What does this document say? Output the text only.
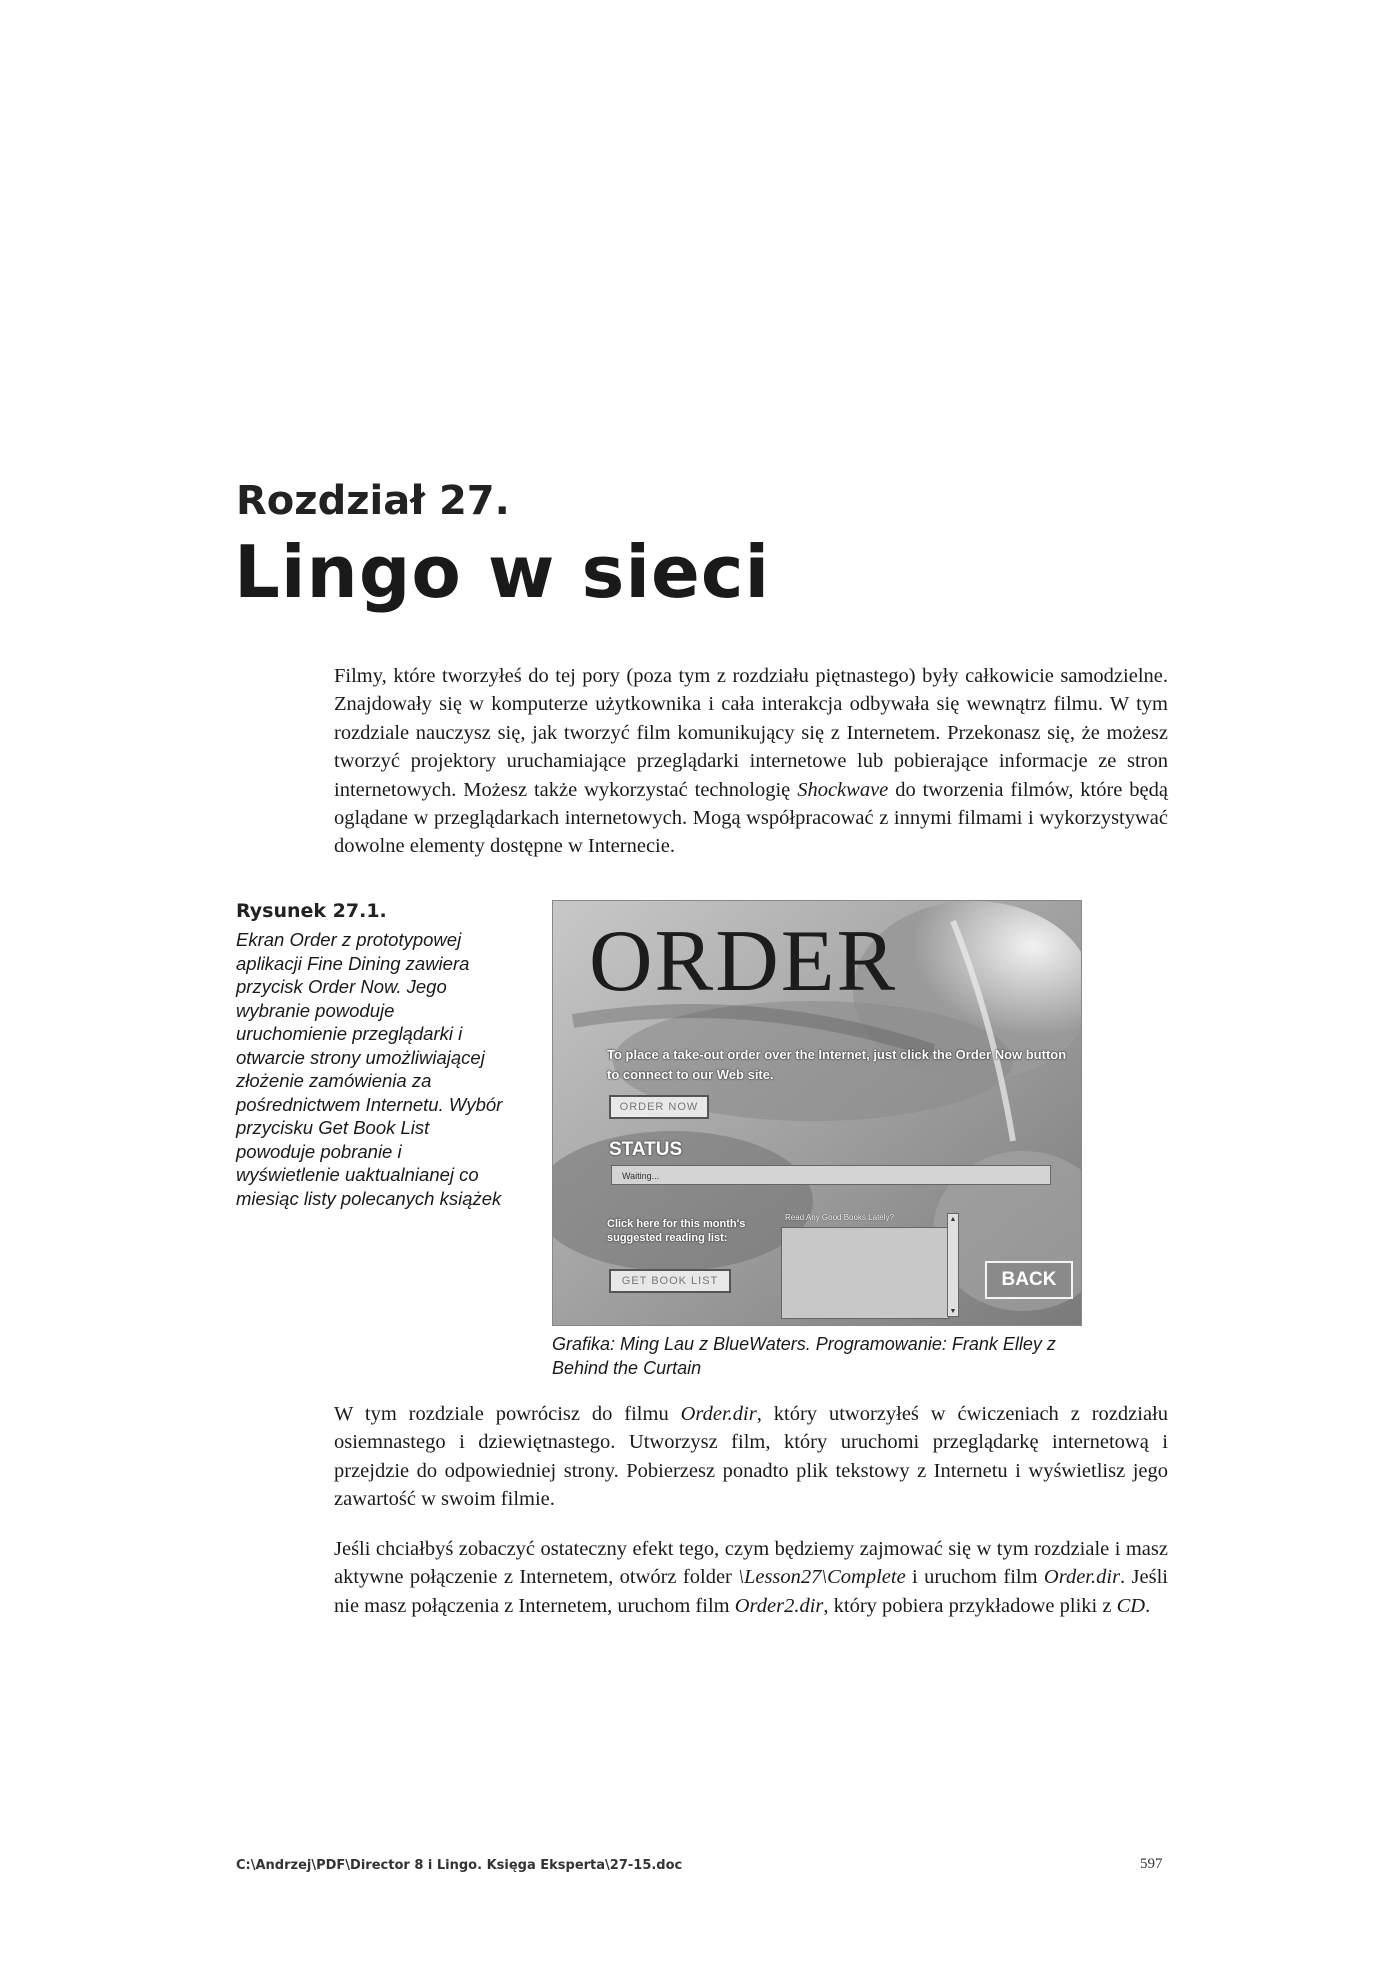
Rozdział 27.
Lingo w sieci
Filmy, które tworzyłeś do tej pory (poza tym z rozdziału piętnastego) były całkowicie samodzielne. Znajdowały się w komputerze użytkownika i cała interakcja odbywała się wewnątrz filmu. W tym rozdziale nauczysz się, jak tworzyć film komunikujący się z Internetem. Przekonasz się, że możesz tworzyć projektory uruchamiające przeglądarki internetowe lub pobierające informacje ze stron internetowych. Możesz także wykorzystać technologię Shockwave do tworzenia filmów, które będą oglądane w przeglądarkach internetowych. Mogą współpracować z innymi filmami i wykorzystywać dowolne elementy dostępne w Internecie.
Rysunek 27.1.
Ekran Order z prototypowej aplikacji Fine Dining zawiera przycisk Order Now. Jego wybranie powoduje uruchomienie przeglądarki i otwarcie strony umożliwiającej złożenie zamówienia za pośrednictwem Internetu. Wybór przycisku Get Book List powoduje pobranie i wyświetlenie uaktualnianej co miesiąc listy polecanych książek
ORDER
To place a take-out order over the Internet, just click the Order Now button to connect to our Web site.
ORDER NOW
STATUS
Waiting...
Click here for this month's suggested reading list:
Read Any Good Books Lately?	▲
▼
GET BOOK LIST	BACK
Grafika: Ming Lau z BlueWaters. Programowanie: Frank Elley z Behind the Curtain
W tym rozdziale powrócisz do filmu Order.dir, który utworzyłeś w ćwiczeniach z rozdziału osiemnastego i dziewiętnastego. Utworzysz film, który uruchomi przeglądarkę internetową i przejdzie do odpowiedniej strony. Pobierzesz ponadto plik tekstowy z Internetu i wyświetlisz jego zawartość w swoim filmie.
Jeśli chciałbyś zobaczyć ostateczny efekt tego, czym będziemy zajmować się w tym rozdziale i masz aktywne połączenie z Internetem, otwórz folder \Lesson27\Complete i uruchom film Order.dir. Jeśli nie masz połączenia z Internetem, uruchom film Order2.dir, który pobiera przykładowe pliki z CD.
C:\Andrzej\PDF\Director 8 i Lingo. Księga Eksperta\27-15.doc	597
